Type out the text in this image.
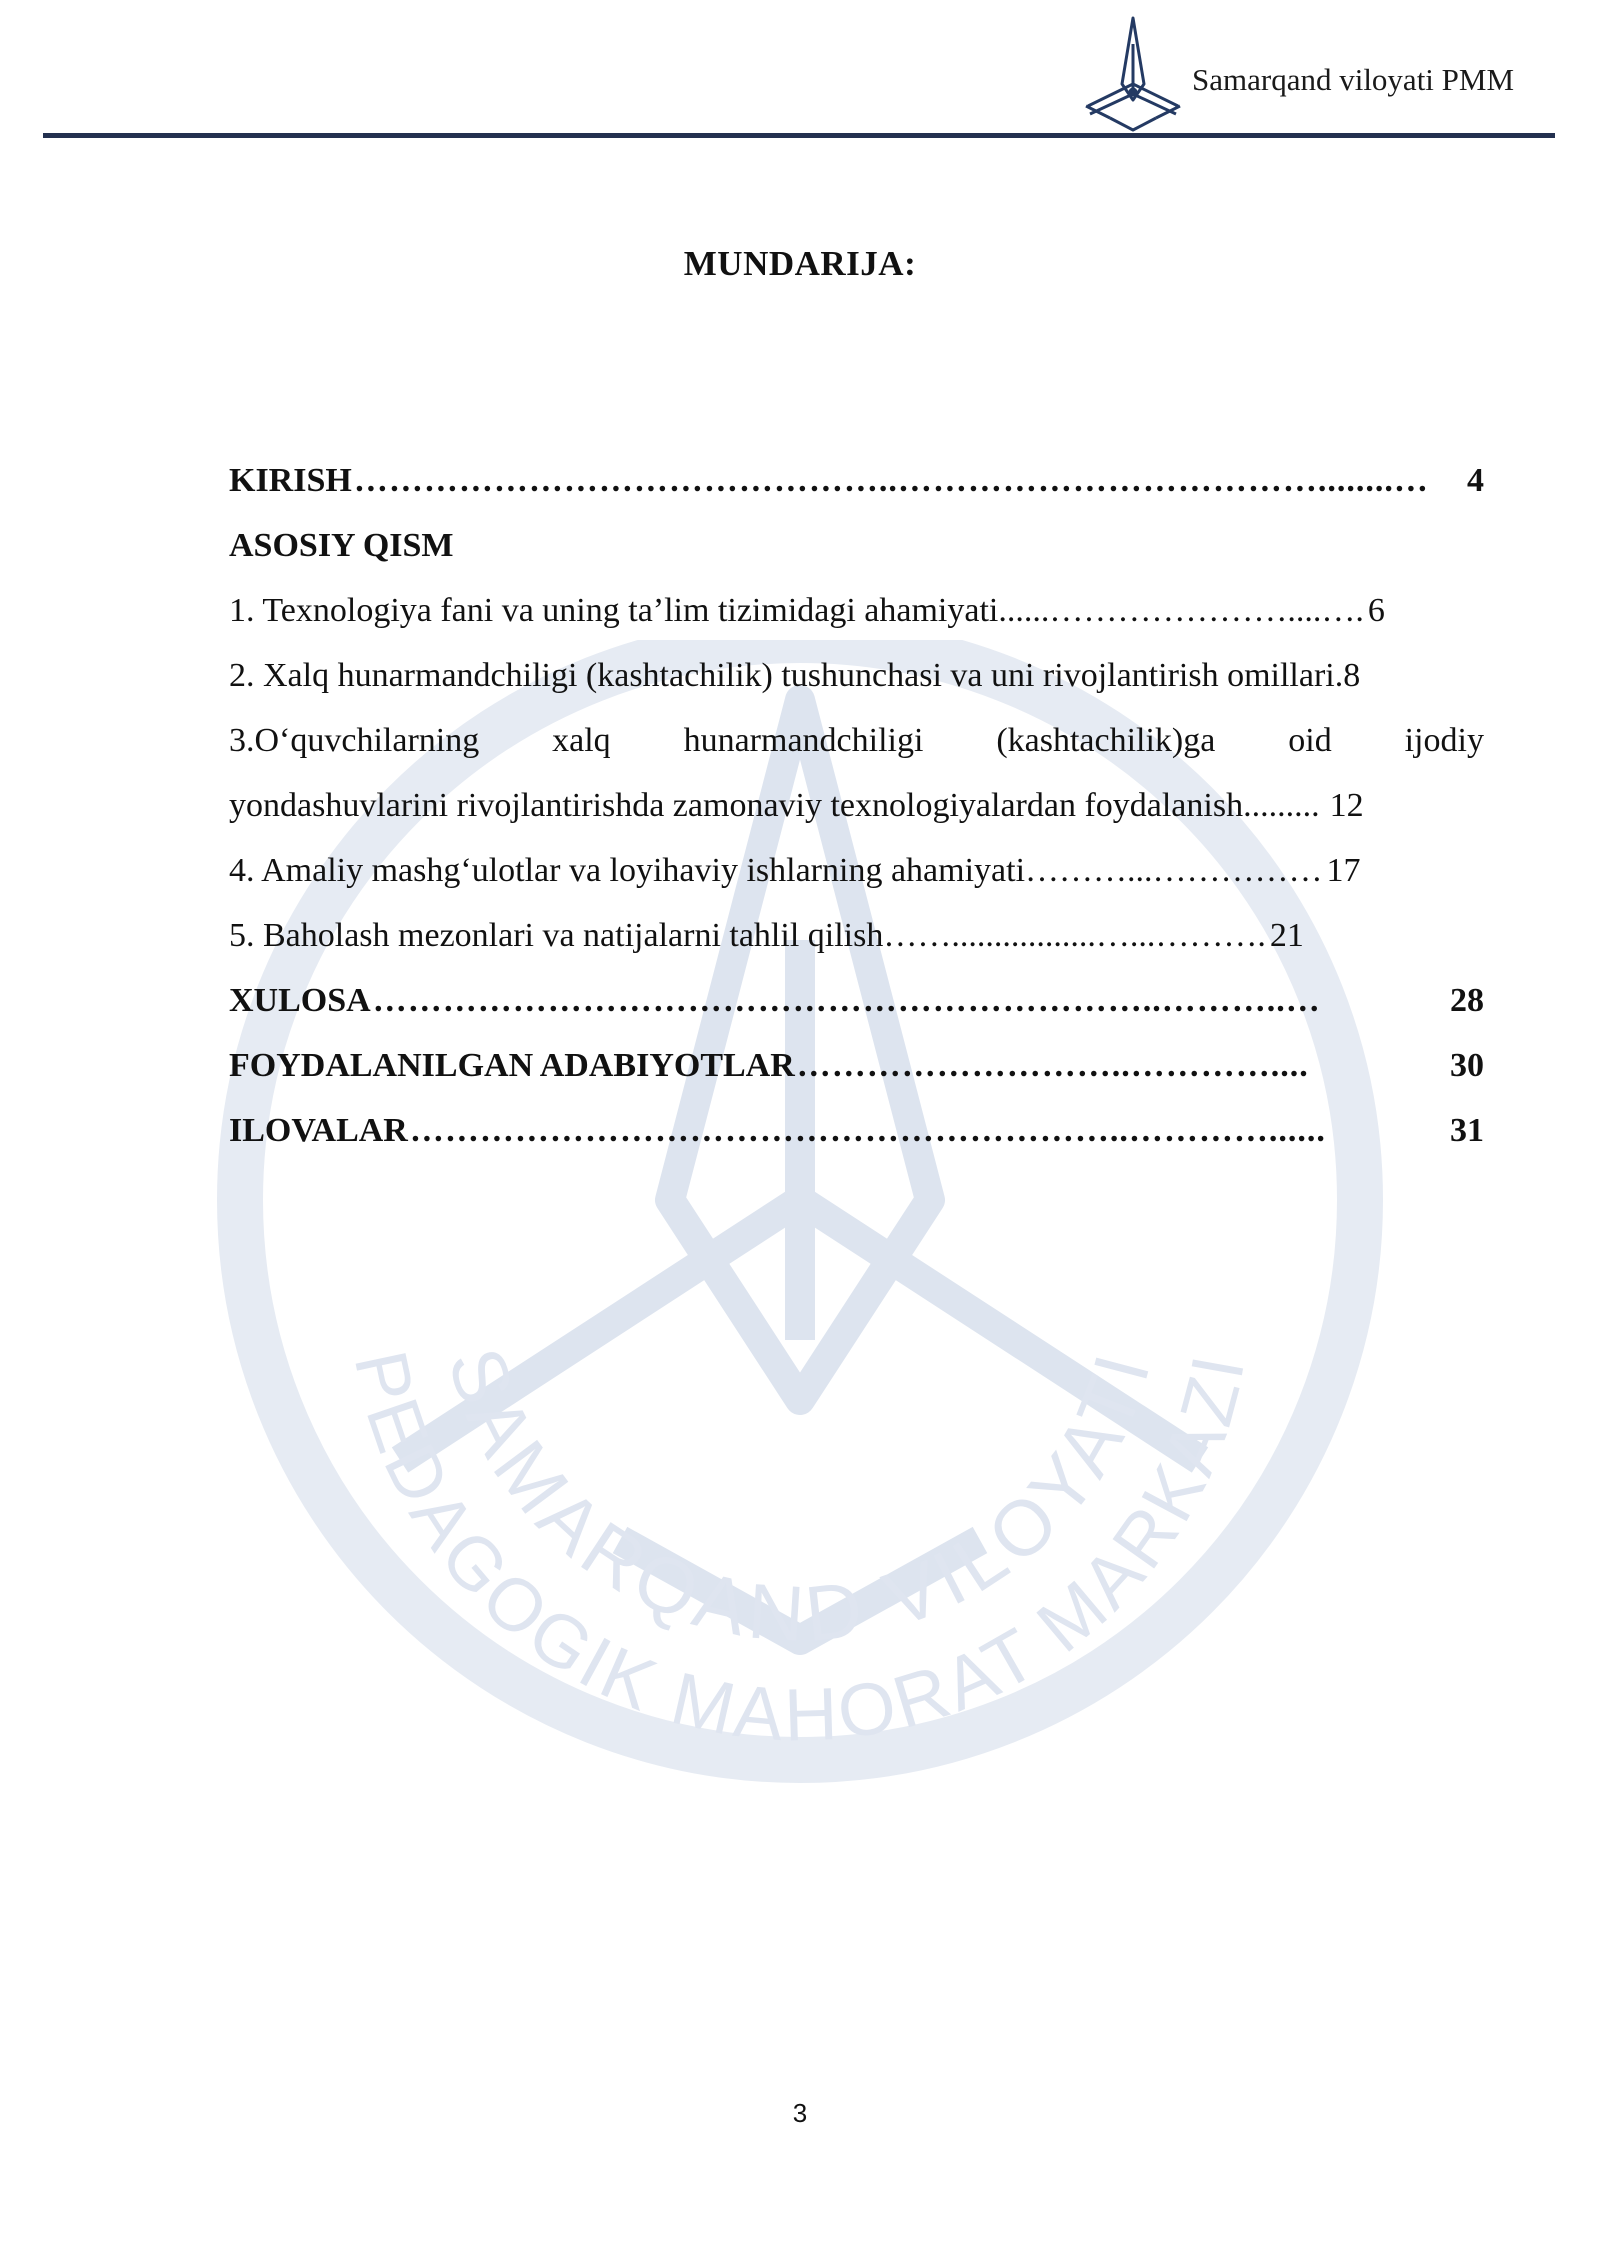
Samarqand viloyati PMM
SAMARQAND VILOYATI
PEDAGOGIK MAHORAT MARKAZI
MUNDARIJA:
KIRISH ………………………………………..………………………………........…	4
ASOSIY QISM
1. Texnologiya fani va uning ta’lim tizimidagi ahamiyati ......…………………....…. 6
2. Xalq hunarmandchiligi (kashtachilik) tushunchasi va uni rivojlantirish omillari. 8
3.O‘quvchilarning xalq hunarmandchiligi (kashtachilik)ga oid ijodiy
yondashuvlarini rivojlantirishda zamonaviy texnologiyalardan foydalanish ......... 12
4. Amaliy mashg‘ulotlar va loyihaviy ishlarning ahamiyati ………...…………… 17
5. Baholash mezonlari va natijalarni tahlil qilish …….................…...………. 21
XULOSA …………………………………………………………..………..…	28
FOYDALANILGAN ADABIYOTLAR ………………………..…………....	30
ILOVALAR ……………………………………………………..…………......	31
3
